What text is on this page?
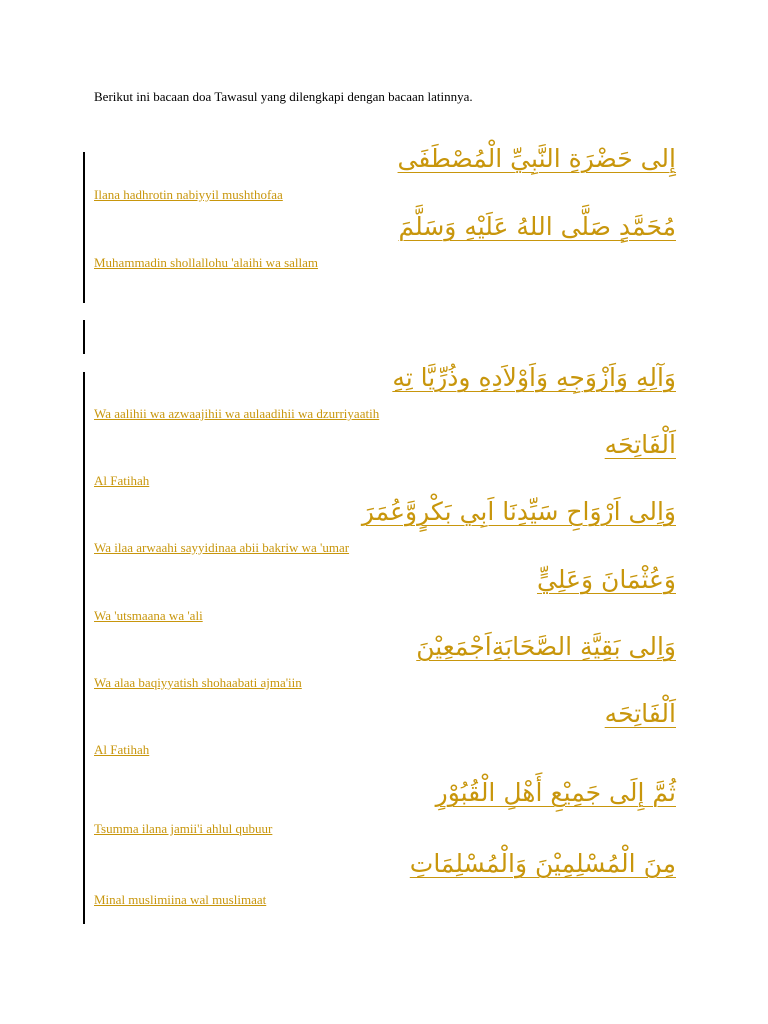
Berikut ini bacaan doa Tawasul yang dilengkapi dengan bacaan latinnya.
إِلى حَضْرَةِ النَّبِيِّ الْمُصْطَفَى
Ilana hadhrotin nabiyyil mushthofaa
مُحَمَّدٍ صَلَّى اللهُ عَلَيْهِ وَسَلَّمَ
Muhammadin shollallohu 'alaihi wa sallam
وَآلِهِ وَاَزْوَجِهِ وَاَوْلاَدِهِ وذُرِّيَّا تِهِ
Wa aalihii wa azwaajihii wa aulaadihii wa dzurriyaatih
اَلْفَاتِحَه
Al Fatihah
وَاِلى اَرْوَاحِ سَيِّدِنَا اَبِي بَكْرٍوَّعُمَرَ
Wa ilaa arwaahi sayyidinaa abii bakriw wa 'umar
وَعُثْمَانَ وَعَلِيٍّ
Wa 'utsmaana wa 'ali
وَاِلى بَقِيَّةِ الصَّحَابَةِاَجْمَعِيْنَ
Wa alaa baqiyyatish shohaabati ajma'iin
اَلْفَاتِحَه
Al Fatihah
ثُمَّ إِلَى جَمِيْعِ أَهْلِ الْقُبُوْرِ
Tsumma ilana jamii'i ahlul qubuur
مِنَ الْمُسْلِمِيْنَ وَالْمُسْلِمَاتِ
Minal muslimiina wal muslimaat
